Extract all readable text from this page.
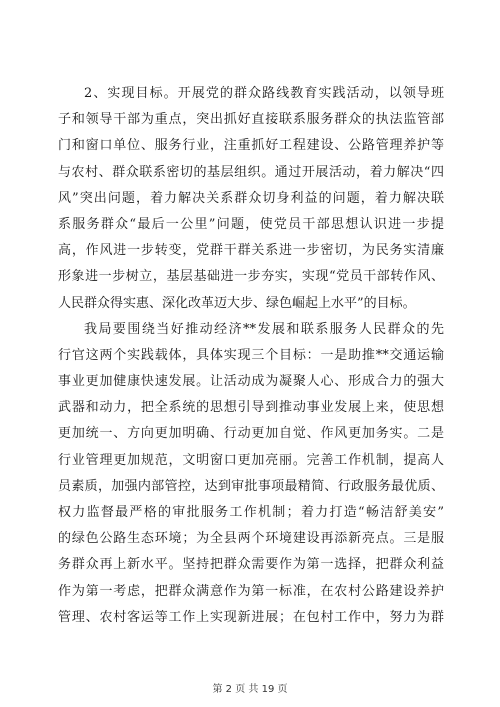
2、实现目标。开展党的群众路线教育实践活动，以领导班

子和领导干部为重点，突出抓好直接联系服务群众的执法监管部

门和窗口单位、服务行业，注重抓好工程建设、公路管理养护等

与农村、群众联系密切的基层组织。通过开展活动，着力解决“四

风”突出问题，着力解决关系群众切身利益的问题，着力解决联

系服务群众“最后一公里”问题，使党员干部思想认识进一步提

高，作风进一步转变，党群干群关系进一步密切，为民务实清廉

形象进一步树立，基层基础进一步夯实，实现“党员干部转作风、

人民群众得实惠、深化改革迈大步、绿色崛起上水平”的目标。

我局要围绕当好推动经济**发展和联系服务人民群众的先

行官这两个实践载体，具体实现三个目标：一是助推**交通运输

事业更加健康快速发展。让活动成为凝聚人心、形成合力的强大

武器和动力，把全系统的思想引导到推动事业发展上来，使思想

更加统一、方向更加明确、行动更加自觉、作风更加务实。二是

行业管理更加规范，文明窗口更加亮丽。完善工作机制，提高人

员素质，加强内部管控，达到审批事项最精简、行政服务最优质、

权力监督最严格的审批服务工作机制；着力打造“畅洁舒美安”

的绿色公路生态环境；为全县两个环境建设再添新亮点。三是服

务群众再上新水平。坚持把群众需要作为第一选择，把群众利益

作为第一考虑，把群众满意作为第一标准，在农村公路建设养护

管理、农村客运等工作上实现新进展；在包村工作中，努力为群

第 2 页 共 19 页
